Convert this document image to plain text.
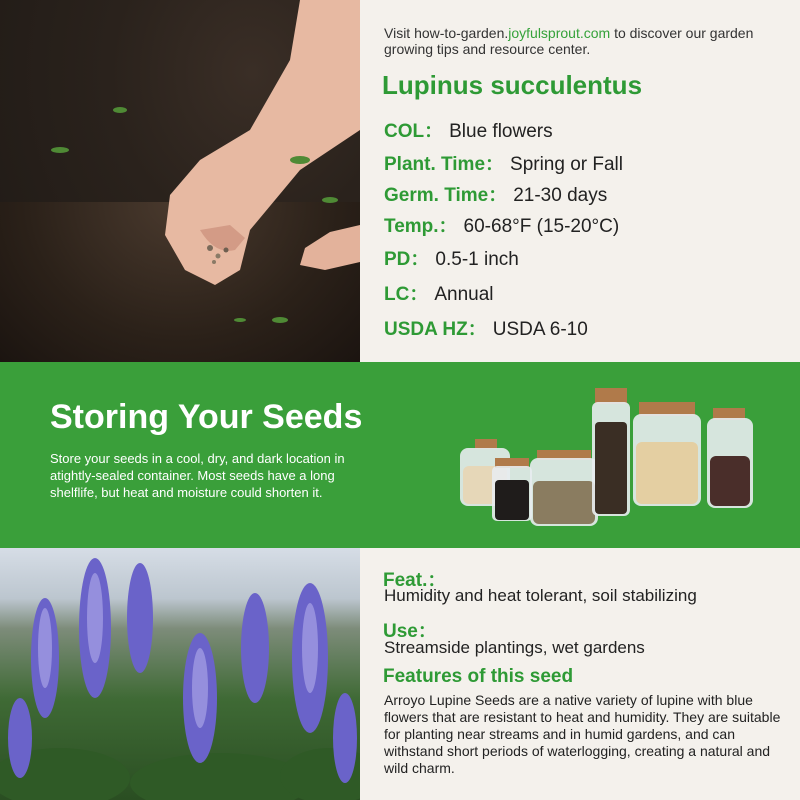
Visit how-to-garden.joyfulsprout.com to discover our garden growing tips and resource center.
Lupinus succulentus
COL： Blue flowers
Plant. Time： Spring or Fall
Germ. Time： 21-30 days
Temp.： 60-68°F (15-20°C)
PD： 0.5-1 inch
LC： Annual
USDA HZ： USDA 6-10
Storing Your Seeds
Store your seeds in a cool, dry, and dark location in atightly-sealed container. Most seeds have a long shelflife, but heat and moisture could shorten it.
Feat.：
Humidity and heat tolerant, soil stabilizing
Use：
Streamside plantings, wet gardens
Features of this seed
Arroyo Lupine Seeds are a native variety of lupine with blue flowers that are resistant to heat and humidity. They are suitable for planting near streams and in humid gardens, and can withstand short periods of waterlogging, creating a natural and wild charm.
